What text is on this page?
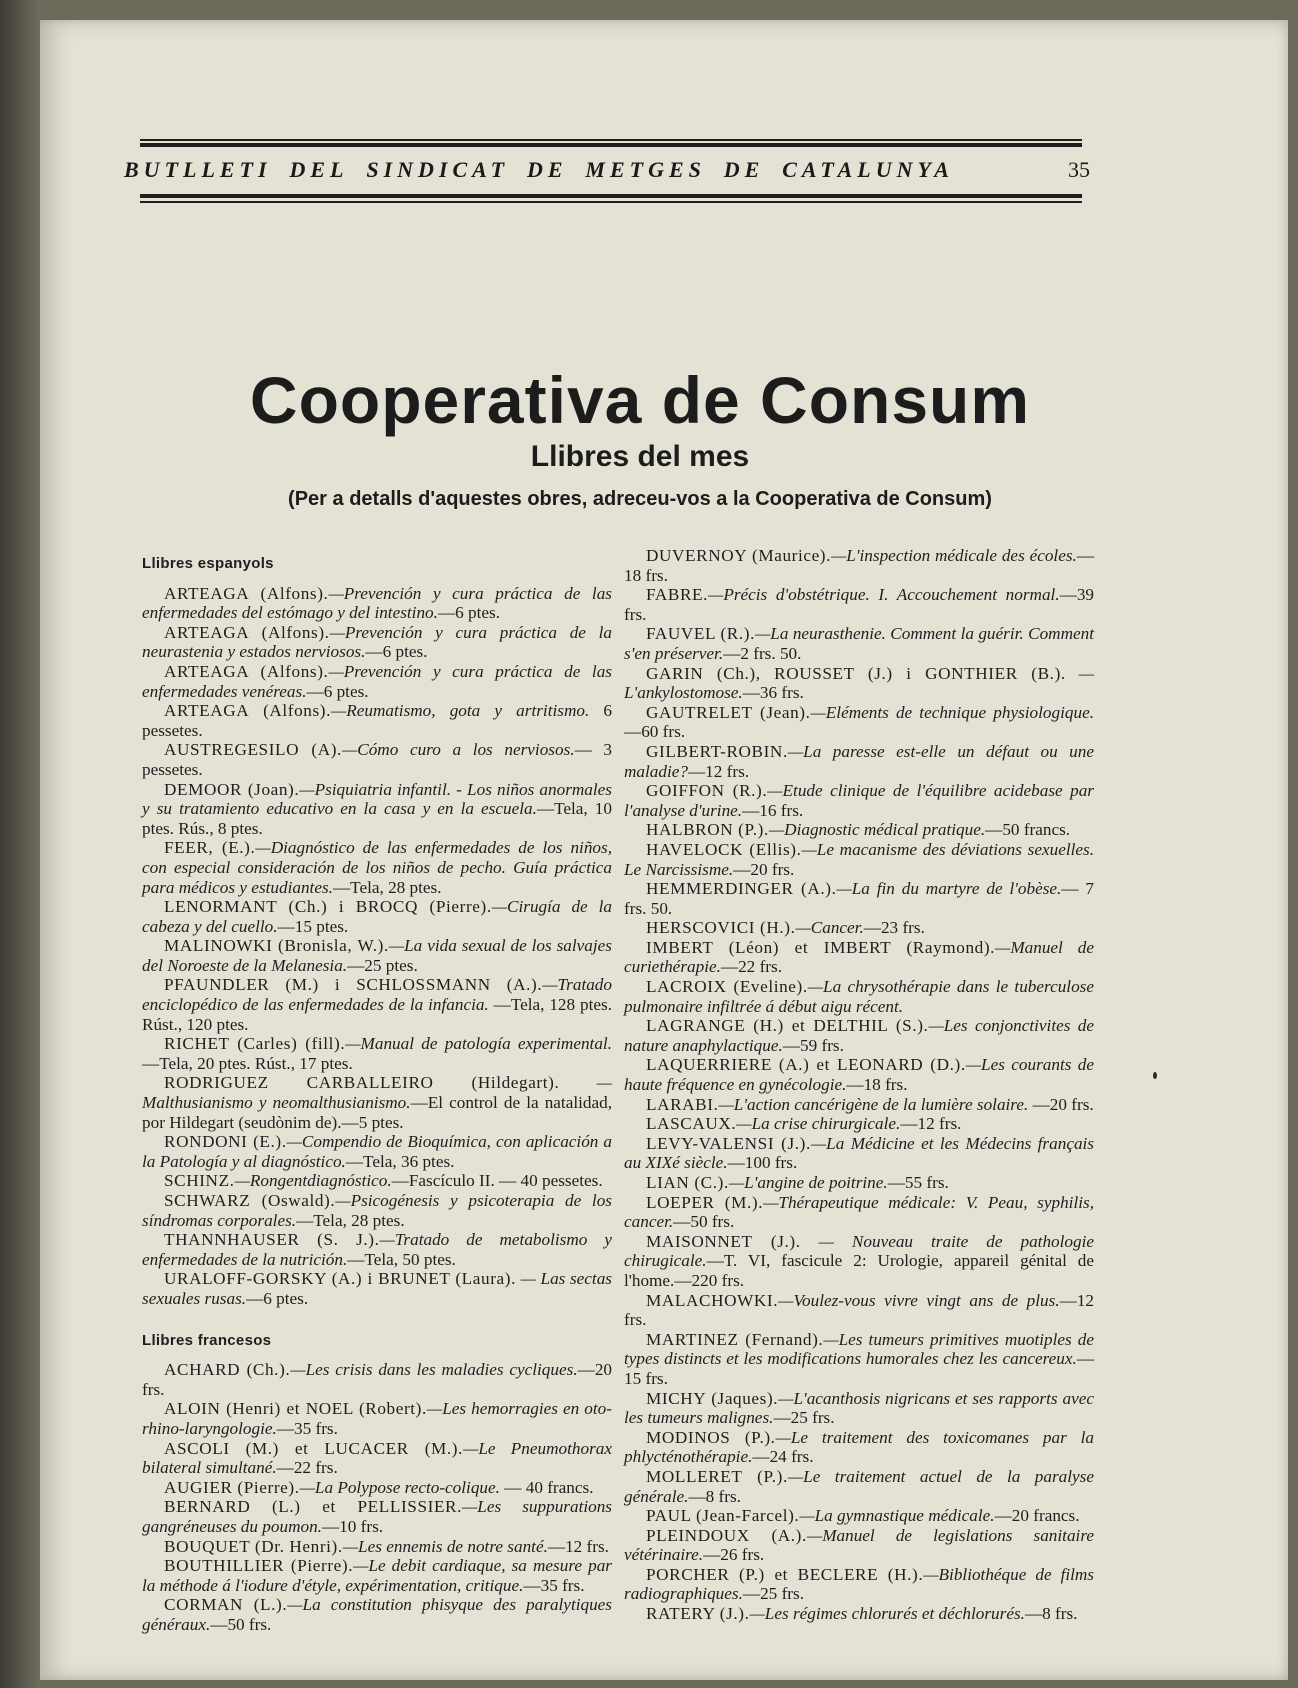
BUTLLETI DEL SINDICAT DE METGES DE CATALUNYA	35
Cooperativa de Consum
Llibres del mes
(Per a detalls d'aquestes obres, adreceu-vos a la Cooperativa de Consum)
Llibres espanyols

ARTEAGA (Alfons).—Prevención y cura práctica de las enfermedades del estómago y del intestino.—6 ptes.

ARTEAGA (Alfons).—Prevención y cura práctica de la neurastenia y estados nerviosos.—6 ptes.

ARTEAGA (Alfons).—Prevención y cura práctica de las enfermedades venéreas.—6 ptes.

ARTEAGA (Alfons).—Reumatismo, gota y artritismo. 6 pessetes.

AUSTREGESILO (A).—Cómo curo a los nerviosos.— 3 pessetes.

DEMOOR (Joan).—Psiquiatria infantil. - Los niños anormales y su tratamiento educativo en la casa y en la escuela.—Tela, 10 ptes. Rús., 8 ptes.

FEER, (E.).—Diagnóstico de las enfermedades de los niños, con especial consideración de los niños de pecho. Guía práctica para médicos y estudiantes.—Tela, 28 ptes.

LENORMANT (Ch.) i BROCQ (Pierre).—Cirugía de la cabeza y del cuello.—15 ptes.

MALINOWKI (Bronisla, W.).—La vida sexual de los salvajes del Noroeste de la Melanesia.—25 ptes.

PFAUNDLER (M.) i SCHLOSSMANN (A.).—Tratado enciclopédico de las enfermedades de la infancia. —Tela, 128 ptes. Rúst., 120 ptes.

RICHET (Carles) (fill).—Manual de patología experimental.—Tela, 20 ptes. Rúst., 17 ptes.

RODRIGUEZ CARBALLEIRO (Hildegart). —Malthusianismo y neomalthusianismo.—El control de la natalidad, por Hildegart (seudònim de).—5 ptes.

RONDONI (E.).—Compendio de Bioquímica, con aplicación a la Patología y al diagnóstico.—Tela, 36 ptes.

SCHINZ.—Rongentdiagnóstico.—Fascículo II. — 40 pessetes.

SCHWARZ (Oswald).—Psicogénesis y psicoterapia de los síndromas corporales.—Tela, 28 ptes.

THANNHAUSER (S. J.).—Tratado de metabolismo y enfermedades de la nutrición.—Tela, 50 ptes.

URALOFF-GORSKY (A.) i BRUNET (Laura). — Las sectas sexuales rusas.—6 ptes.

Llibres francesos

ACHARD (Ch.).—Les crisis dans les maladies cycliques.—20 frs.

ALOIN (Henri) et NOEL (Robert).—Les hemorragies en oto-rhino-laryngologie.—35 frs.

ASCOLI (M.) et LUCACER (M.).—Le Pneumothorax bilateral simultané.—22 frs.

AUGIER (Pierre).—La Polypose recto-colique. — 40 francs.

BERNARD (L.) et PELLISSIER.—Les suppurations gangréneuses du poumon.—10 frs.

BOUQUET (Dr. Henri).—Les ennemis de notre santé.—12 frs.

BOUTHILLIER (Pierre).—Le debit cardiaque, sa mesure par la méthode á l'iodure d'étyle, expérimentation, critique.—35 frs.

CORMAN (L.).—La constitution phisyque des paralytiques généraux.—50 frs.

DUVERNOY (Maurice).—L'inspection médicale des écoles.— 18 frs.

FABRE.—Précis d'obstétrique. I. Accouchement normal.—39 frs.

FAUVEL (R.).—La neurasthenie. Comment la guérir. Comment s'en préserver.—2 frs. 50.

GARIN (Ch.), ROUSSET (J.) i GONTHIER (B.). —L'ankylostomose.—36 frs.

GAUTRELET (Jean).—Eléments de technique physiologique.—60 frs.

GILBERT-ROBIN.—La paresse est-elle un défaut ou une maladie?—12 frs.

GOIFFON (R.).—Etude clinique de l'équilibre acidebase par l'analyse d'urine.—16 frs.

HALBRON (P.).—Diagnostic médical pratique.—50 francs.

HAVELOCK (Ellis).—Le macanisme des déviations sexuelles. Le Narcissisme.—20 frs.

HEMMERDINGER (A.).—La fin du martyre de l'obèse.— 7 frs. 50.

HERSCOVICI (H.).—Cancer.—23 frs.

IMBERT (Léon) et IMBERT (Raymond).—Manuel de curiethérapie.—22 frs.

LACROIX (Eveline).—La chrysothérapie dans le tuberculose pulmonaire infiltrée á début aigu récent.

LAGRANGE (H.) et DELTHIL (S.).—Les conjonctivites de nature anaphylactique.—59 frs.

LAQUERRIERE (A.) et LEONARD (D.).—Les courants de haute fréquence en gynécologie.—18 frs.

LARABI.—L'action cancérigène de la lumière solaire. —20 frs.

LASCAUX.—La crise chirurgicale.—12 frs.

LEVY-VALENSI (J.).—La Médicine et les Médecins français au XIXé siècle.—100 frs.

LIAN (C.).—L'angine de poitrine.—55 frs.

LOEPER (M.).—Thérapeutique médicale: V. Peau, syphilis, cancer.—50 frs.

MAISONNET (J.). — Nouveau traite de pathologie chirugicale.—T. VI, fascicule 2: Urologie, appareil génital de l'home.—220 frs.

MALACHOWKI.—Voulez-vous vivre vingt ans de plus.—12 frs.

MARTINEZ (Fernand).—Les tumeurs primitives muotiples de types distincts et les modifications humorales chez les cancereux.—15 frs.

MICHY (Jaques).—L'acanthosis nigricans et ses rapports avec les tumeurs malignes.—25 frs.

MODINOS (P.).—Le traitement des toxicomanes par la phlycténothérapie.—24 frs.

MOLLERET (P.).—Le traitement actuel de la paralyse générale.—8 frs.

PAUL (Jean-Farcel).—La gymnastique médicale.—20 francs.

PLEINDOUX (A.).—Manuel de legislations sanitaire vétérinaire.—26 frs.

PORCHER (P.) et BECLERE (H.).—Bibliothéque de films radiographiques.—25 frs.

RATERY (J.).—Les régimes chlorurés et déchlorurés.—8 frs.
